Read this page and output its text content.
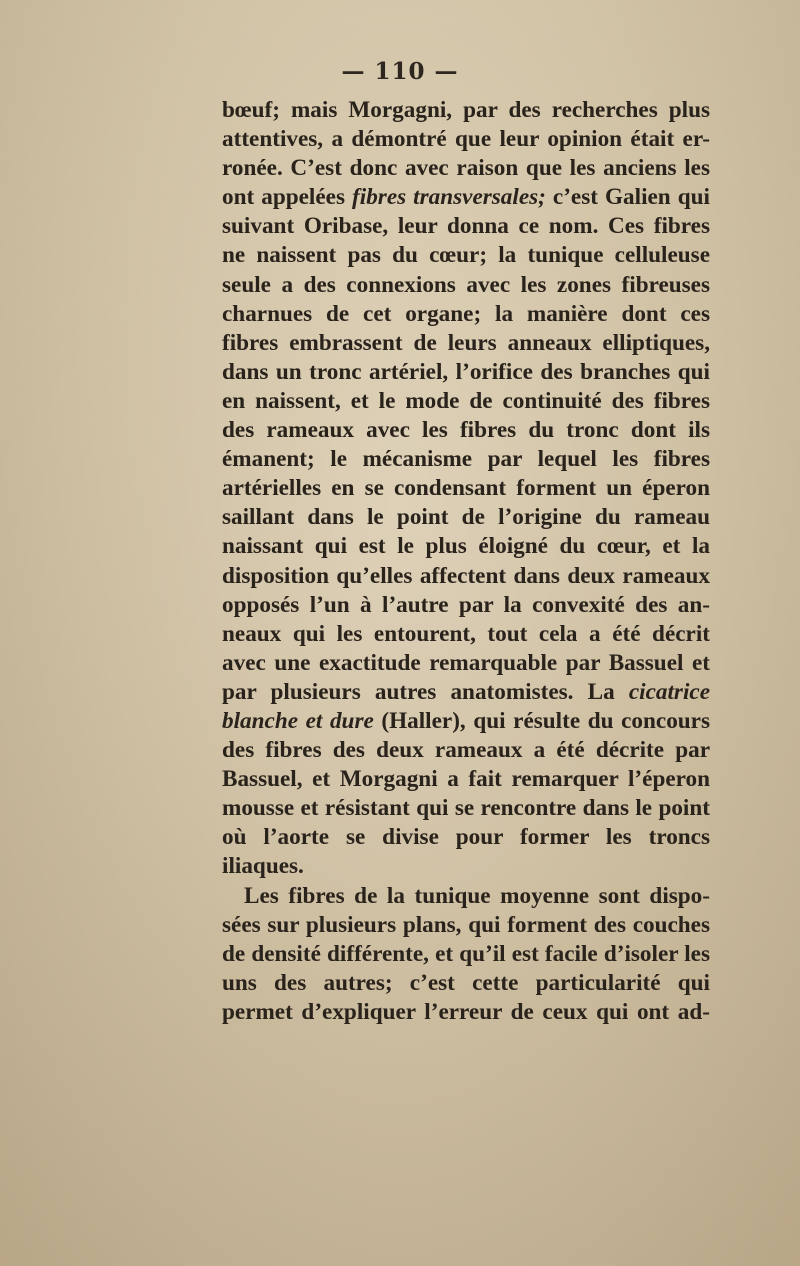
— 110 —
bœuf; mais Morgagni, par des recherches plus
attentives, a démontré que leur opinion était er-
ronée. C’est donc avec raison que les anciens les
ont appelées fibres transversales; c’est Galien qui
suivant Oribase, leur donna ce nom. Ces fibres
ne naissent pas du cœur; la tunique celluleuse
seule a des connexions avec les zones fibreuses
charnues de cet organe; la manière dont ces
fibres embrassent de leurs anneaux elliptiques,
dans un tronc artériel, l’orifice des branches qui
en naissent, et le mode de continuité des fibres
des rameaux avec les fibres du tronc dont ils
émanent; le mécanisme par lequel les fibres
artérielles en se condensant forment un éperon
saillant dans le point de l’origine du rameau
naissant qui est le plus éloigné du cœur, et la
disposition qu’elles affectent dans deux rameaux
opposés l’un à l’autre par la convexité des an-
neaux qui les entourent, tout cela a été décrit
avec une exactitude remarquable par Bassuel et
par plusieurs autres anatomistes. La cicatrice
blanche et dure (Haller), qui résulte du concours
des fibres des deux rameaux a été décrite par
Bassuel, et Morgagni a fait remarquer l’éperon
mousse et résistant qui se rencontre dans le point
où l’aorte se divise pour former les troncs
iliaques.
Les fibres de la tunique moyenne sont dispo-
sées sur plusieurs plans, qui forment des couches
de densité différente, et qu’il est facile d’isoler les
uns des autres; c’est cette particularité qui
permet d’expliquer l’erreur de ceux qui ont ad-
